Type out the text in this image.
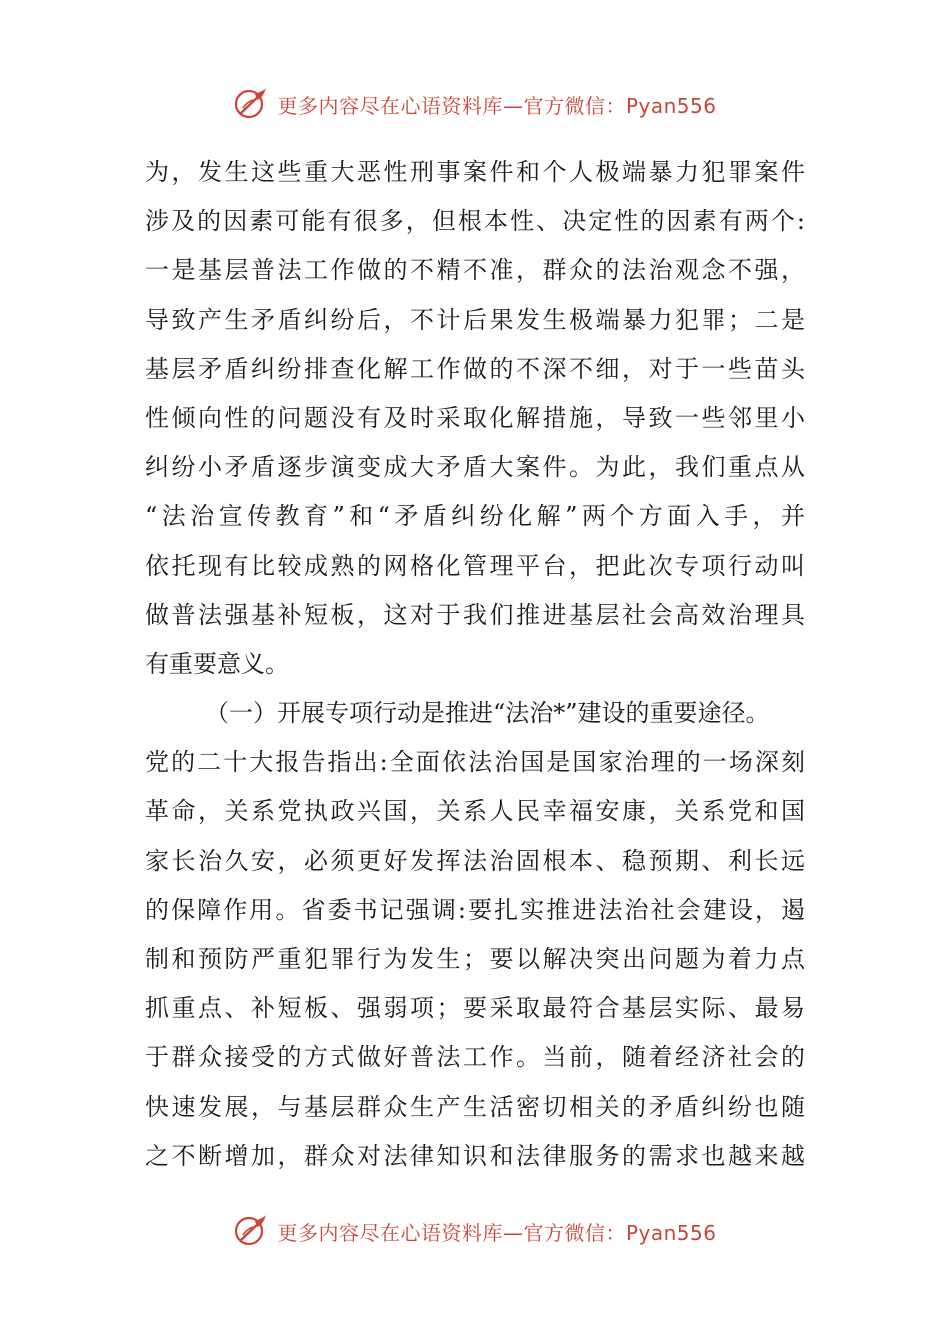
更多内容尽在心语资料库—官方微信：Pyan556
为，发生这些重大恶性刑事案件和个人极端暴力犯罪案件
涉及的因素可能有很多，但根本性、决定性的因素有两个:
一是基层普法工作做的不精不准，群众的法治观念不强，
导致产生矛盾纠纷后，不计后果发生极端暴力犯罪；二是
基层矛盾纠纷排查化解工作做的不深不细，对于一些苗头
性倾向性的问题没有及时采取化解措施，导致一些邻里小
纠纷小矛盾逐步演变成大矛盾大案件。为此，我们重点从
“法治宣传教育”和“矛盾纠纷化解”两个方面入手，并
依托现有比较成熟的网格化管理平台，把此次专项行动叫
做普法强基补短板，这对于我们推进基层社会高效治理具
有重要意义。
（一）开展专项行动是推进“法治*”建设的重要途径。
党的二十大报告指出:全面依法治国是国家治理的一场深刻
革命，关系党执政兴国，关系人民幸福安康，关系党和国
家长治久安，必须更好发挥法治固根本、稳预期、利长远
的保障作用。省委书记强调:要扎实推进法治社会建设，遏
制和预防严重犯罪行为发生；要以解决突出问题为着力点
抓重点、补短板、强弱项；要采取最符合基层实际、最易
于群众接受的方式做好普法工作。当前，随着经济社会的
快速发展，与基层群众生产生活密切相关的矛盾纠纷也随
之不断增加，群众对法律知识和法律服务的需求也越来越
更多内容尽在心语资料库—官方微信：Pyan556
